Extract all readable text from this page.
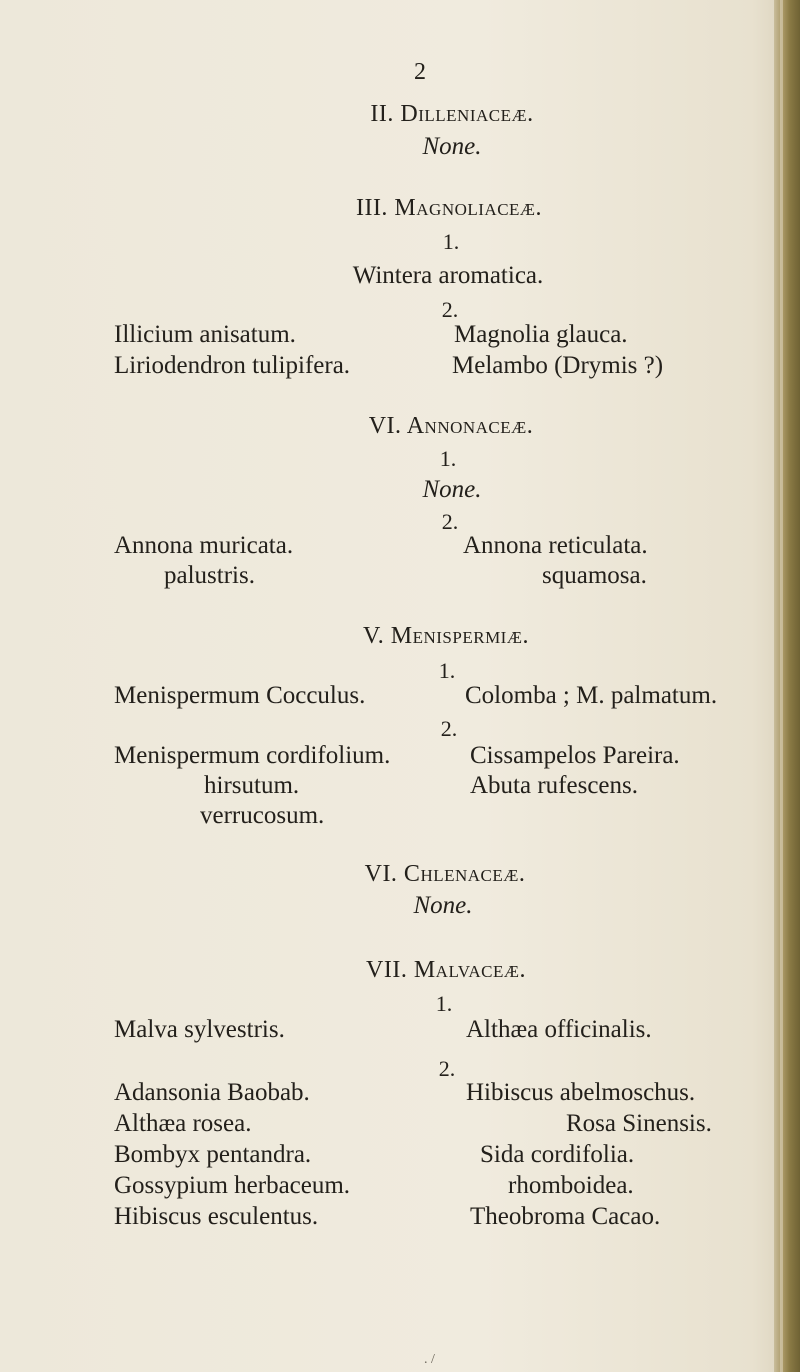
2
II. Dilleniaceæ.
None.
III. Magnoliaceæ.
1.
Wintera aromatica.
2.
Illicium anisatum.
Liriodendron tulipifera.
Magnolia glauca.
Melambo (Drymis ?)
VI. Annonaceæ.
1.
None.
2.
Annona muricata.
palustris.
Annona reticulata.
squamosa.
V. Menispermiæ.
1.
Menispermum Cocculus.	Colomba ; M. palmatum.
2.
Menispermum cordifolium.
hirsutum.
verrucosum.
Cissampelos Pareira.
Abuta rufescens.
VI. Chlenaceæ.
None.
VII. Malvaceæ.
1.
Malva sylvestris.	Althæa officinalis.
2.
Adansonia Baobab.
Althæa rosea.
Bombyx pentandra.
Gossypium herbaceum.
Hibiscus esculentus.
Hibiscus abelmoschus.
Rosa Sinensis.
Sida cordifolia.
rhomboidea.
Theobroma Cacao.
. /
